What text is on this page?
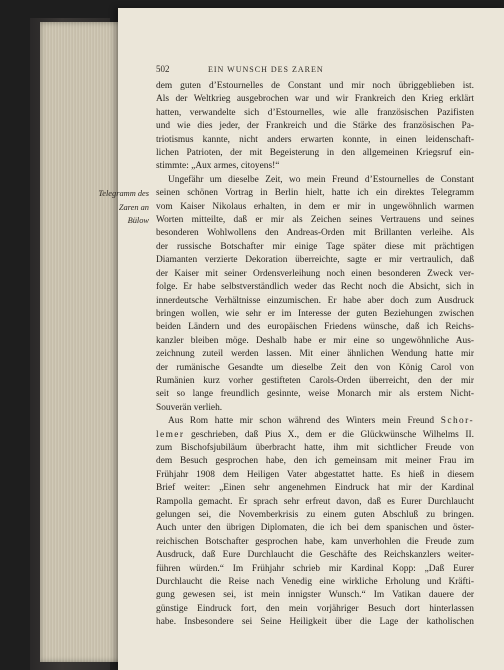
502	EIN WUNSCH DES ZAREN
dem guten d’Estournelles de Constant und mir noch übriggeblieben ist.
Als der Weltkrieg ausgebrochen war und wir Frankreich den Krieg erklärt
hatten, verwandelte sich d’Estournelles, wie alle französischen Pazifisten
und wie dies jeder, der Frankreich und die Stärke des französischen Pa-
triotismus kannte, nicht anders erwarten konnte, in einen leidenschaft-
lichen Patrioten, der mit Begeisterung in den allgemeinen Kriegsruf ein-
stimmte: „Aux armes, citoyens!“
Telegramm des
Zaren an
Bülow
Ungefähr um dieselbe Zeit, wo mein Freund d’Estournelles de Constant
seinen schönen Vortrag in Berlin hielt, hatte ich ein direktes Telegramm
vom Kaiser Nikolaus erhalten, in dem er mir in ungewöhnlich warmen
Worten mitteilte, daß er mir als Zeichen seines Vertrauens und seines
besonderen Wohlwollens den Andreas-Orden mit Brillanten verleihe. Als
der russische Botschafter mir einige Tage später diese mit prächtigen
Diamanten verzierte Dekoration überreichte, sagte er mir vertraulich, daß
der Kaiser mit seiner Ordensverleihung noch einen besonderen Zweck ver-
folge. Er habe selbstverständlich weder das Recht noch die Absicht, sich in
innerdeutsche Verhältnisse einzumischen. Er habe aber doch zum Ausdruck
bringen wollen, wie sehr er im Interesse der guten Beziehungen zwischen
beiden Ländern und des europäischen Friedens wünsche, daß ich Reichs-
kanzler bleiben möge. Deshalb habe er mir eine so ungewöhnliche Aus-
zeichnung zuteil werden lassen. Mit einer ähnlichen Wendung hatte mir
der rumänische Gesandte um dieselbe Zeit den von König Carol von
Rumänien kurz vorher gestifteten Carols-Orden überreicht, den der mir
seit so lange freundlich gesinnte, weise Monarch mir als erstem Nicht-
Souverän verlieh.
Aus Rom hatte mir schon während des Winters mein Freund Schor-
lemer geschrieben, daß Pius X., dem er die Glückwünsche Wilhelms II.
zum Bischofsjubiläum überbracht hatte, ihm mit sichtlicher Freude von
dem Besuch gesprochen habe, den ich gemeinsam mit meiner Frau im
Frühjahr 1908 dem Heiligen Vater abgestattet hatte. Es hieß in diesem
Brief weiter: „Einen sehr angenehmen Eindruck hat mir der Kardinal
Rampolla gemacht. Er sprach sehr erfreut davon, daß es Eurer Durchlaucht
gelungen sei, die Novemberkrisis zu einem guten Abschluß zu bringen.
Auch unter den übrigen Diplomaten, die ich bei dem spanischen und öster-
reichischen Botschafter gesprochen habe, kam unverhohlen die Freude zum
Ausdruck, daß Eure Durchlaucht die Geschäfte des Reichskanzlers weiter-
führen würden.“ Im Frühjahr schrieb mir Kardinal Kopp: „Daß Eurer
Durchlaucht die Reise nach Venedig eine wirkliche Erholung und Kräfti-
gung gewesen sei, ist mein innigster Wunsch.“ Im Vatikan dauere der
günstige Eindruck fort, den mein vorjähriger Besuch dort hinterlassen
habe. Insbesondere sei Seine Heiligkeit über die Lage der katholischen
